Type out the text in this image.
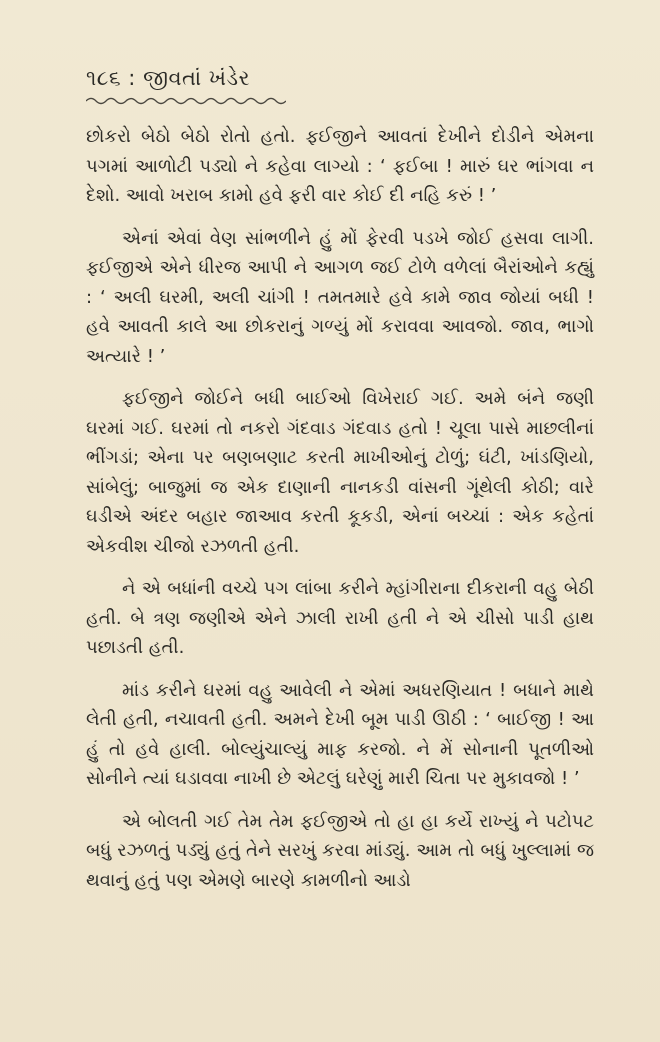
૧૮૬ : જીવતાં ખંડેર

છોકરો બેઠો બેઠો રોતો હતો. ફઈજીને આવતાં દેખીને દોડીને એમના પગમાં આળોટી પડ્યો ને કહેવા લાગ્યો : ‘ ફઈબા ! મારું ઘર ભાંગવા ન દેશો. આવો ખરાબ કામો હવે ફરી વાર કોઈ દી નહિ કરું ! ’

એનાં એવાં વેણ સાંભળીને હું મોં ફેરવી પડખે જોઈ હસવા લાગી. ફઈજીએ એને ધીરજ આપી ને આગળ જઈ ટોળે વળેલાં બૈરાંઓને કહ્યું : ‘ અલી ઘરમી, અલી ચાંગી ! તમતમારે હવે કામે જાવ જોયાં બધી ! હવે આવતી કાલે આ છોકરાનું ગળ્યું મોં કરાવવા આવજો. જાવ, ભાગો અત્યારે ! ’

ફઈજીને જોઈને બધી બાઈઓ વિખેરાઈ ગઈ. અમે બંને જણી ઘરમાં ગઈ. ઘરમાં તો નકરો ગંદવાડ ગંદવાડ હતો ! ચૂલા પાસે માછલીનાં ભીંગડાં; એના પર બણબણાટ કરતી માખીઓનું ટોળું; ઘંટી, ખાંડણિયો, સાંબેલું; બાજુમાં જ એક દાણાની નાનકડી વાંસની ગૂંથેલી કોઠી; વારે ઘડીએ અંદર બહાર જાઆવ કરતી કૂકડી, એનાં બચ્ચાં : એક કહેતાં એકવીશ ચીજો રઝળતી હતી.

ને એ બધાંની વચ્ચે પગ લાંબા કરીને મ્હાંગીરાના દીકરાની વહુ બેઠી હતી. બે ત્રણ જણીએ એને ઝાલી રાખી હતી ને એ ચીસો પાડી હાથ પછાડતી હતી.

માંડ કરીને ઘરમાં વહુ આવેલી ને એમાં અધરણિયાત ! બધાને માથે લેતી હતી, નચાવતી હતી. અમને દેખી બૂમ પાડી ઊઠી : ‘ બાઈજી ! આ હું તો હવે હાલી. બોલ્યુંચાલ્યું માફ કરજો. ને મેં સોનાની પૂતળીઓ સોનીને ત્યાં ઘડાવવા નાખી છે એટલું ઘરેણું મારી ચિતા પર મુકાવજો ! ’

એ બોલતી ગઈ તેમ તેમ ફઈજીએ તો હા હા કર્યે રાખ્યું ને પટોપટ બધું રઝળતું પડ્યું હતું તેને સરખું કરવા માંડ્યું. આમ તો બધું ખુલ્લામાં જ થવાનું હતું પણ એમણે બારણે કામળીનો આડો
